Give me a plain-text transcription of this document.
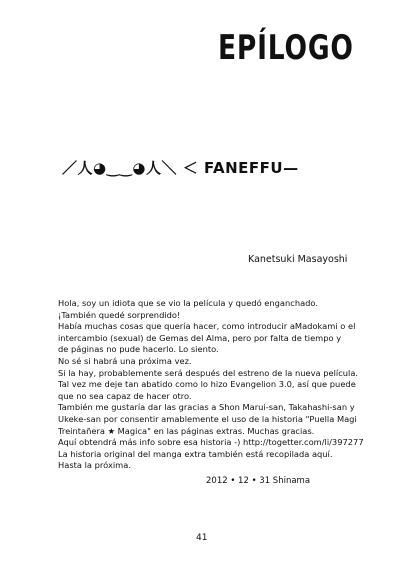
EPÍLOGO
／人◕‿‿◕人＼ ＜ FANEFFU—
Kanetsuki Masayoshi
Hola, soy un idiota que se vio la película y quedó enganchado.
¡También quedé sorprendido!
Había muchas cosas que quería hacer, como introducir aMadokami o el
intercambio (sexual) de Gemas del Alma, pero por falta de tiempo y
de páginas no pude hacerlo. Lo siento.
No sé si habrá una próxima vez.
Si la hay, probablemente será después del estreno de la nueva película.
Tal vez me deje tan abatido como lo hizo Evangelion 3.0, así que puede
que no sea capaz de hacer otro.
También me gustaría dar las gracias a Shon Marui-san, Takahashi-san y
Ukeke-san por consentir amablemente el uso de la historia "Puella Magi
Treintañera ★ Magica" en las páginas extras. Muchas gracias.
Aquí obtendrá más info sobre esa historia -) http://togetter.com/li/397277
La historia original del manga extra también está recopilada aquí.
Hasta la próxima.
2012 • 12 • 31 Shinama
41
